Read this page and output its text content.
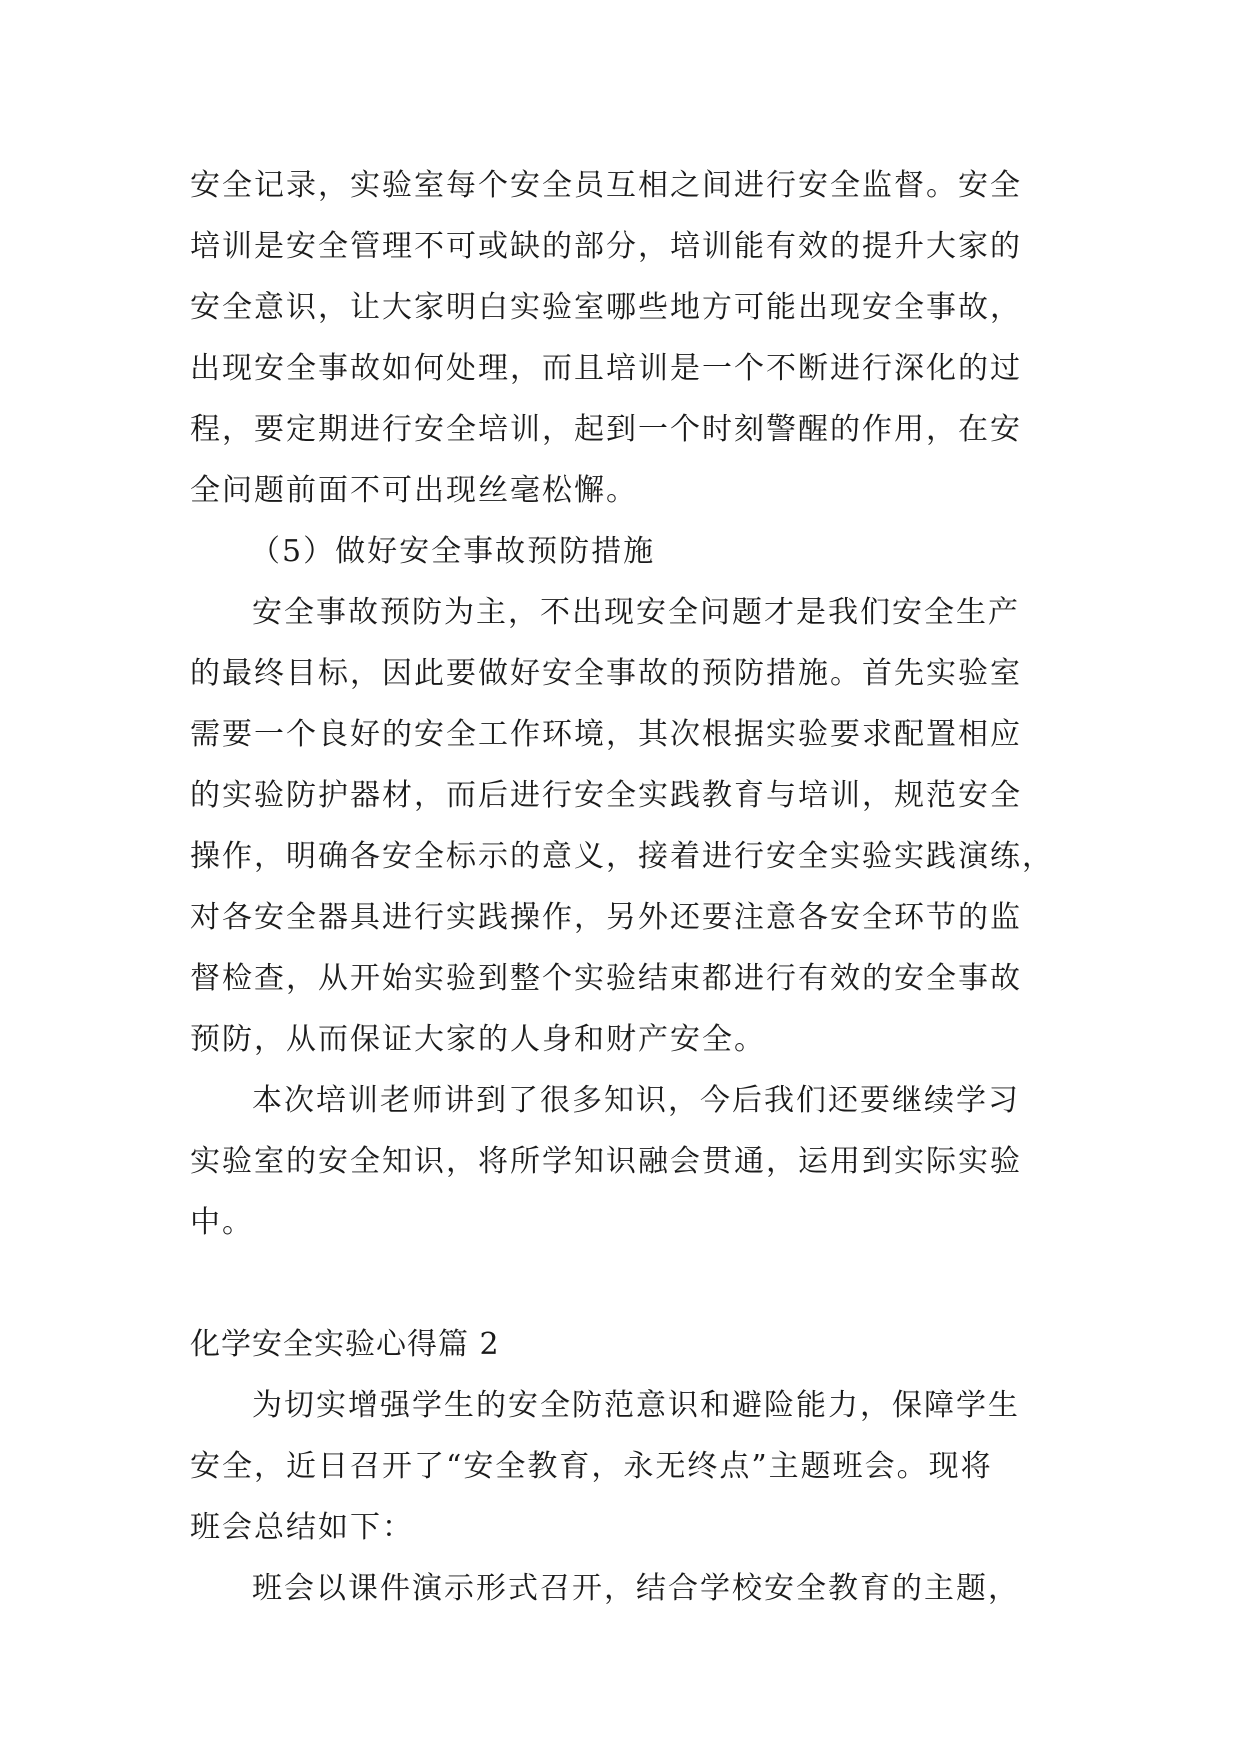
安全记录，实验室每个安全员互相之间进行安全监督。安全
培训是安全管理不可或缺的部分，培训能有效的提升大家的
安全意识，让大家明白实验室哪些地方可能出现安全事故，
出现安全事故如何处理，而且培训是一个不断进行深化的过
程，要定期进行安全培训，起到一个时刻警醒的作用，在安
全问题前面不可出现丝毫松懈。
（5）做好安全事故预防措施
安全事故预防为主，不出现安全问题才是我们安全生产
的最终目标，因此要做好安全事故的预防措施。首先实验室
需要一个良好的安全工作环境，其次根据实验要求配置相应
的实验防护器材，而后进行安全实践教育与培训，规范安全
操作，明确各安全标示的意义，接着进行安全实验实践演练，
对各安全器具进行实践操作，另外还要注意各安全环节的监
督检查，从开始实验到整个实验结束都进行有效的安全事故
预防，从而保证大家的人身和财产安全。
本次培训老师讲到了很多知识，今后我们还要继续学习
实验室的安全知识，将所学知识融会贯通，运用到实际实验
中。
化学安全实验心得篇 2
为切实增强学生的安全防范意识和避险能力，保障学生
安全，近日召开了“安全教育，永无终点”主题班会。现将
班会总结如下：
班会以课件演示形式召开，结合学校安全教育的主题，
